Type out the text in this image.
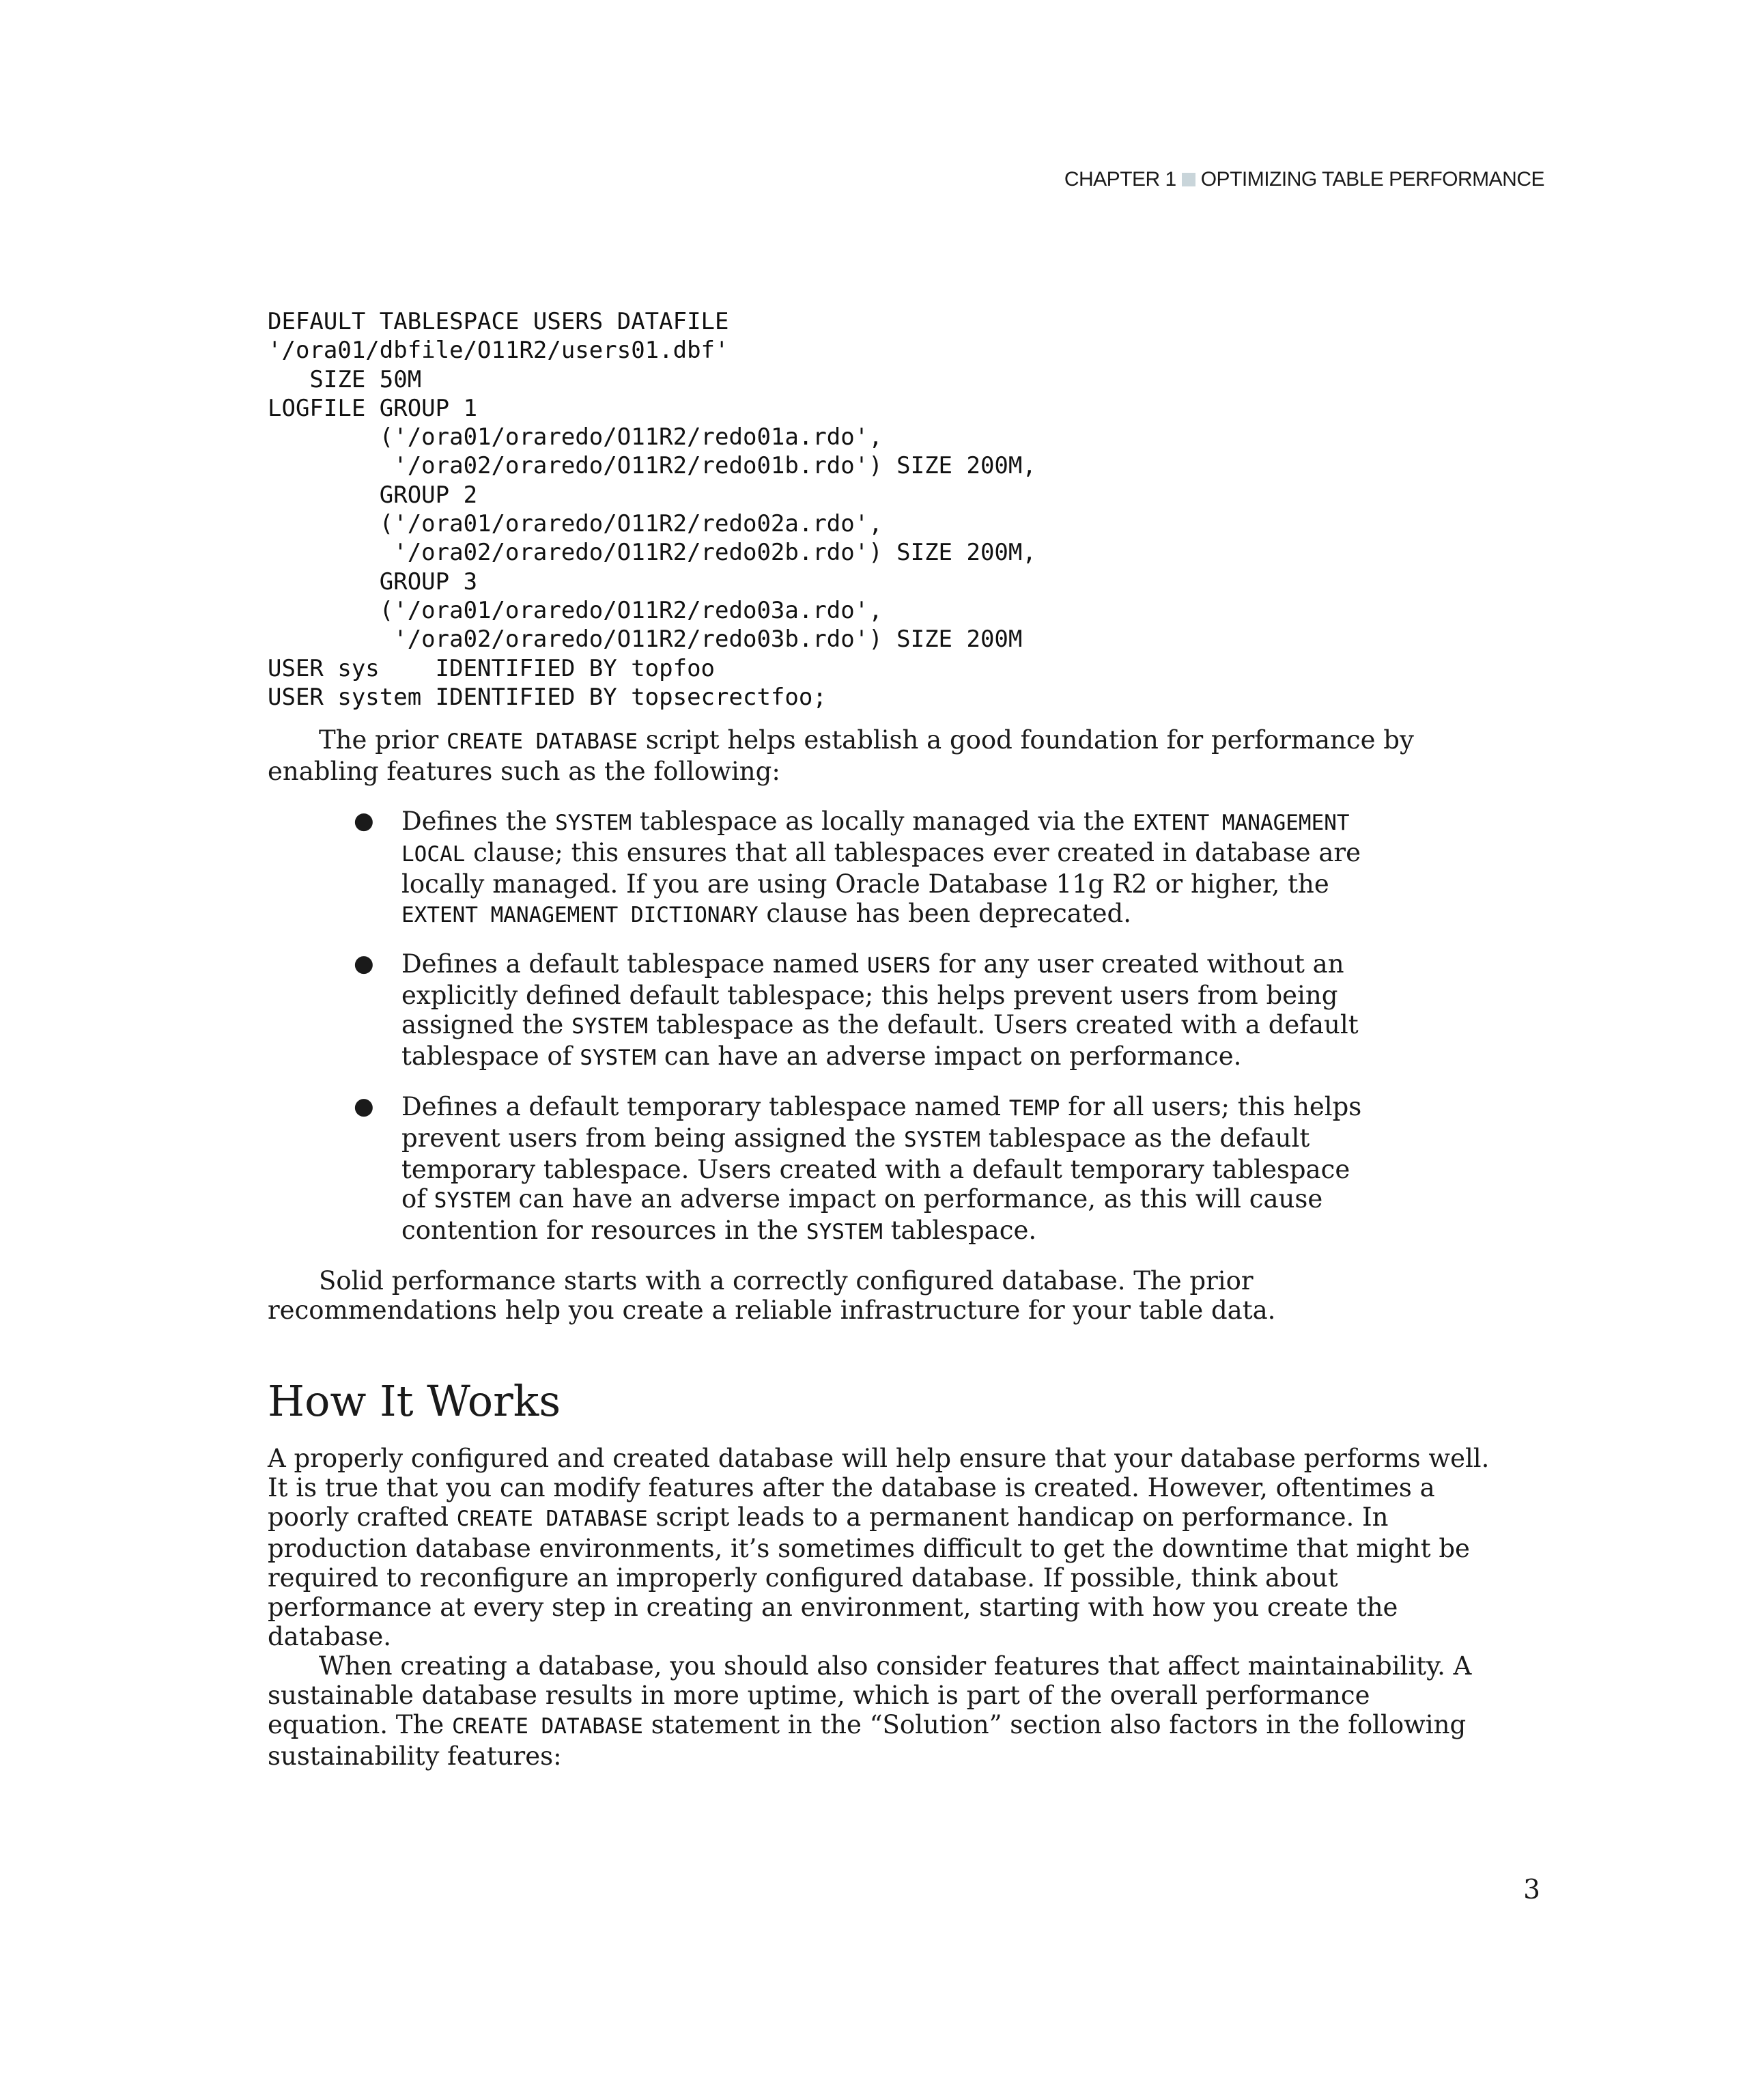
CHAPTER 1 OPTIMIZING TABLE PERFORMANCE
DEFAULT TABLESPACE USERS DATAFILE
'/ora01/dbfile/O11R2/users01.dbf'
SIZE 50M
LOGFILE GROUP 1
('/ora01/oraredo/O11R2/redo01a.rdo',
'/ora02/oraredo/O11R2/redo01b.rdo') SIZE 200M,
GROUP 2
('/ora01/oraredo/O11R2/redo02a.rdo',
'/ora02/oraredo/O11R2/redo02b.rdo') SIZE 200M,
GROUP 3
('/ora01/oraredo/O11R2/redo03a.rdo',
'/ora02/oraredo/O11R2/redo03b.rdo') SIZE 200M
USER sys    IDENTIFIED BY topfoo
USER system IDENTIFIED BY topsecrectfoo;

The prior CREATE DATABASE script helps establish a good foundation for performance by enabling features such as the following:

● Defines the SYSTEM tablespace as locally managed via the EXTENT MANAGEMENT LOCAL clause; this ensures that all tablespaces ever created in database are locally managed. If you are using Oracle Database 11g R2 or higher, the EXTENT MANAGEMENT DICTIONARY clause has been deprecated.
● Defines a default tablespace named USERS for any user created without an explicitly defined default tablespace; this helps prevent users from being assigned the SYSTEM tablespace as the default. Users created with a default tablespace of SYSTEM can have an adverse impact on performance.
● Defines a default temporary tablespace named TEMP for all users; this helps prevent users from being assigned the SYSTEM tablespace as the default temporary tablespace. Users created with a default temporary tablespace of SYSTEM can have an adverse impact on performance, as this will cause contention for resources in the SYSTEM tablespace.

Solid performance starts with a correctly configured database. The prior recommendations help you create a reliable infrastructure for your table data.

How It Works

A properly configured and created database will help ensure that your database performs well. It is true that you can modify features after the database is created. However, oftentimes a poorly crafted CREATE DATABASE script leads to a permanent handicap on performance. In production database environments, it’s sometimes difficult to get the downtime that might be required to reconfigure an improperly configured database. If possible, think about performance at every step in creating an environment, starting with how you create the database.

When creating a database, you should also consider features that affect maintainability. A sustainable database results in more uptime, which is part of the overall performance equation. The CREATE DATABASE statement in the “Solution” section also factors in the following sustainability features:

3
